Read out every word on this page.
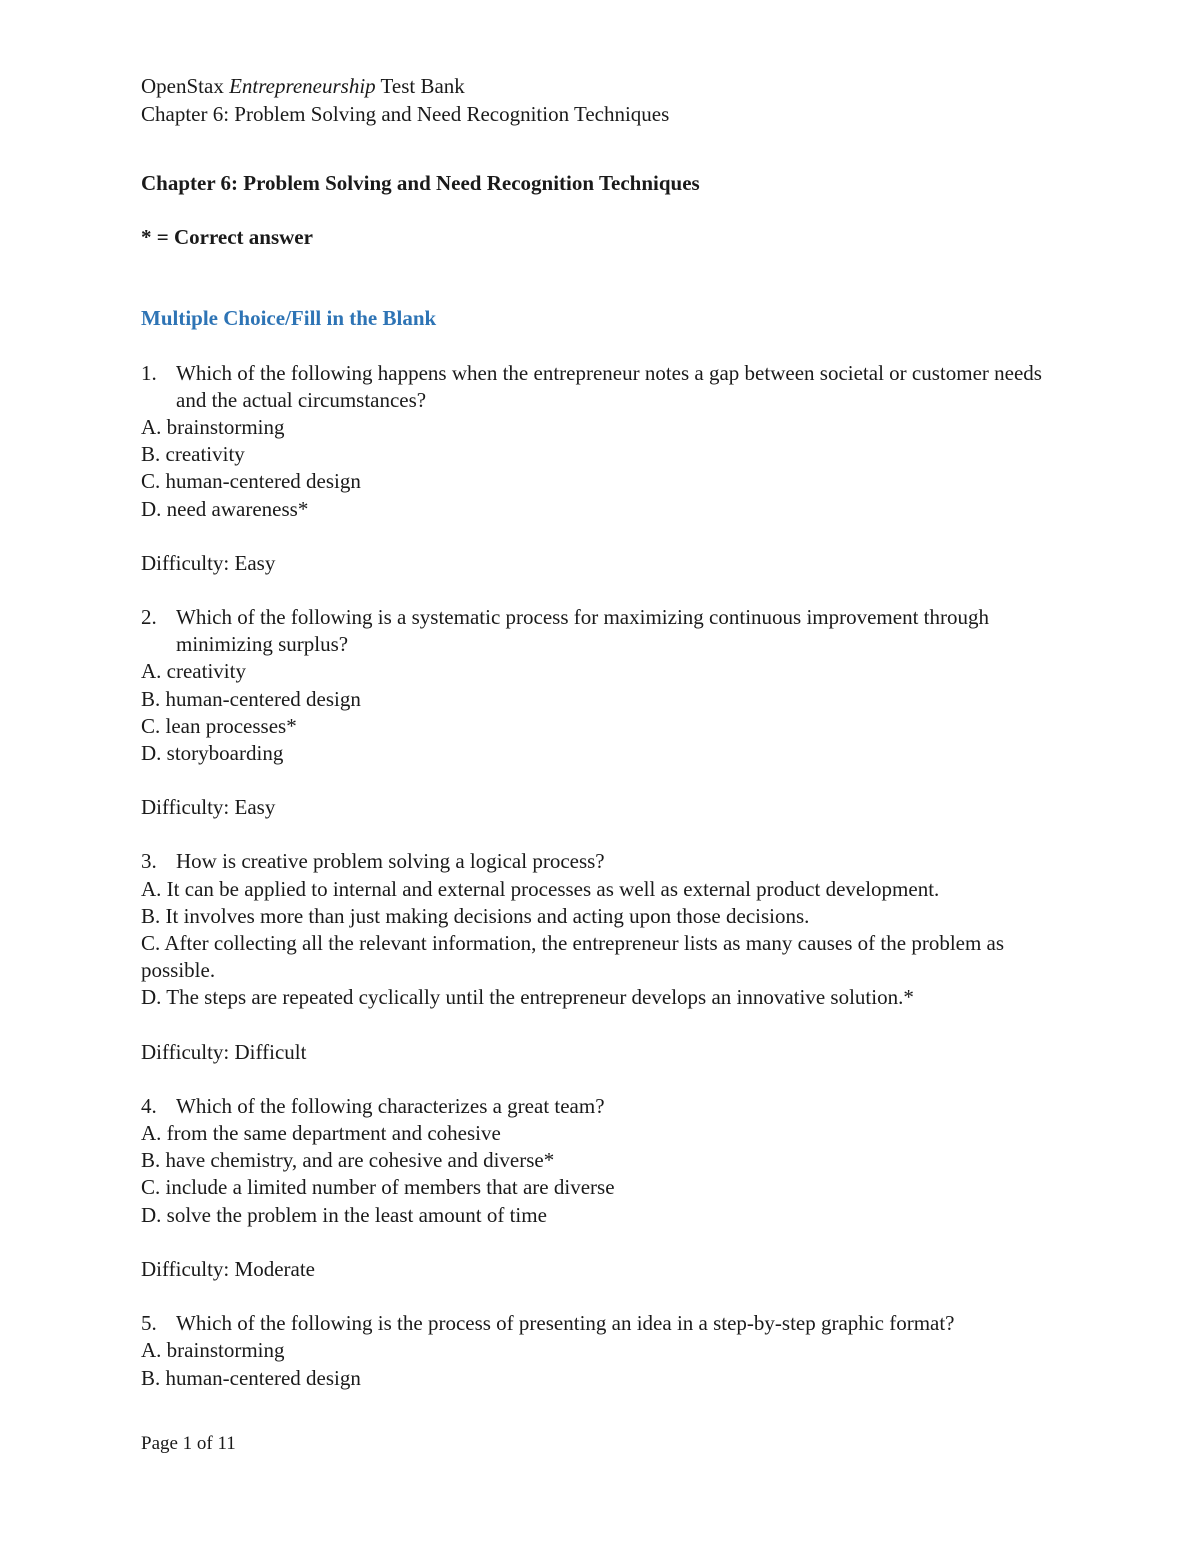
OpenStax Entrepreneurship Test Bank
Chapter 6: Problem Solving and Need Recognition Techniques

Chapter 6: Problem Solving and Need Recognition Techniques

* = Correct answer

Multiple Choice/Fill in the Blank

1. Which of the following happens when the entrepreneur notes a gap between societal or customer needs and the actual circumstances?
A. brainstorming
B. creativity
C. human-centered design
D. need awareness*
Difficulty: Easy
2. Which of the following is a systematic process for maximizing continuous improvement through minimizing surplus?
A. creativity
B. human-centered design
C. lean processes*
D. storyboarding
Difficulty: Easy
3. How is creative problem solving a logical process?
A. It can be applied to internal and external processes as well as external product development.
B. It involves more than just making decisions and acting upon those decisions.
C. After collecting all the relevant information, the entrepreneur lists as many causes of the problem as possible.
D. The steps are repeated cyclically until the entrepreneur develops an innovative solution.*
Difficulty: Difficult
4. Which of the following characterizes a great team?
A. from the same department and cohesive
B. have chemistry, and are cohesive and diverse*
C. include a limited number of members that are diverse
D. solve the problem in the least amount of time
Difficulty: Moderate
5. Which of the following is the process of presenting an idea in a step-by-step graphic format?
A. brainstorming
B. human-centered design
Page 1 of 11
